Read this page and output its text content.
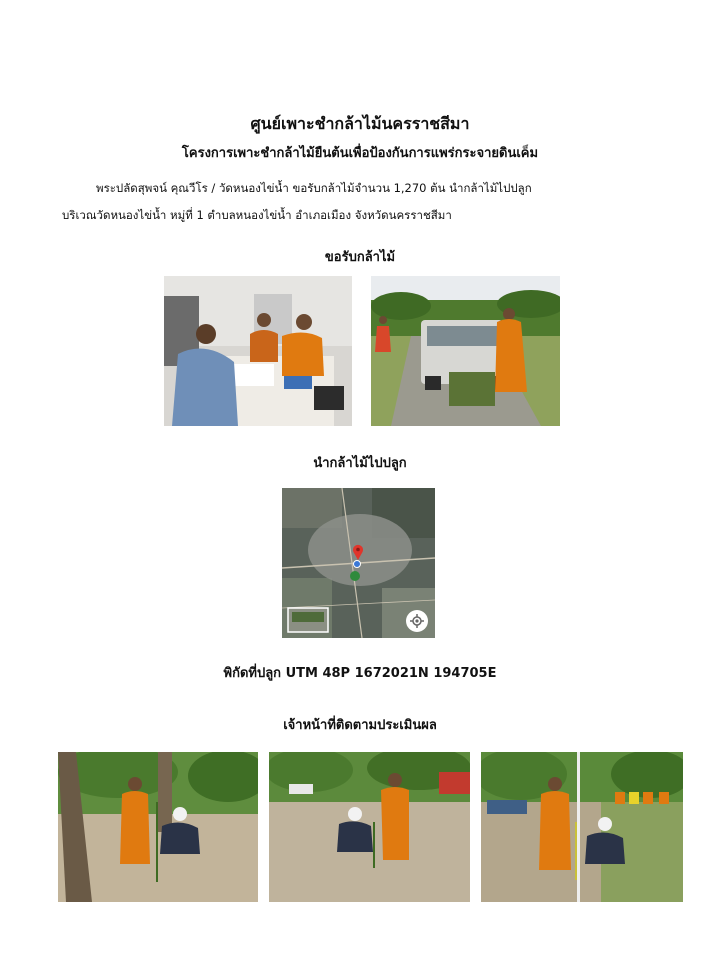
ศูนย์เพาะชำกล้าไม้นครราชสีมา
โครงการเพาะชำกล้าไม้ยืนต้นเพื่อป้องกันการแพร่กระจายดินเค็ม
พระปลัดสุพจน์ คุณวีโร / วัดหนองไข่น้ำ ขอรับกล้าไม้จำนวน 1,270 ต้น นำกล้าไม้ไปปลูก
บริเวณวัดหนองไข่น้ำ หมู่ที่ 1 ตำบลหนองไข่น้ำ อำเภอเมือง จังหวัดนครราชสีมา
ขอรับกล้าไม้
นำกล้าไม้ไปปลูก
พิกัดที่ปลูก UTM 48P 1672021N 194705E
เจ้าหน้าที่ติดตามประเมินผล
